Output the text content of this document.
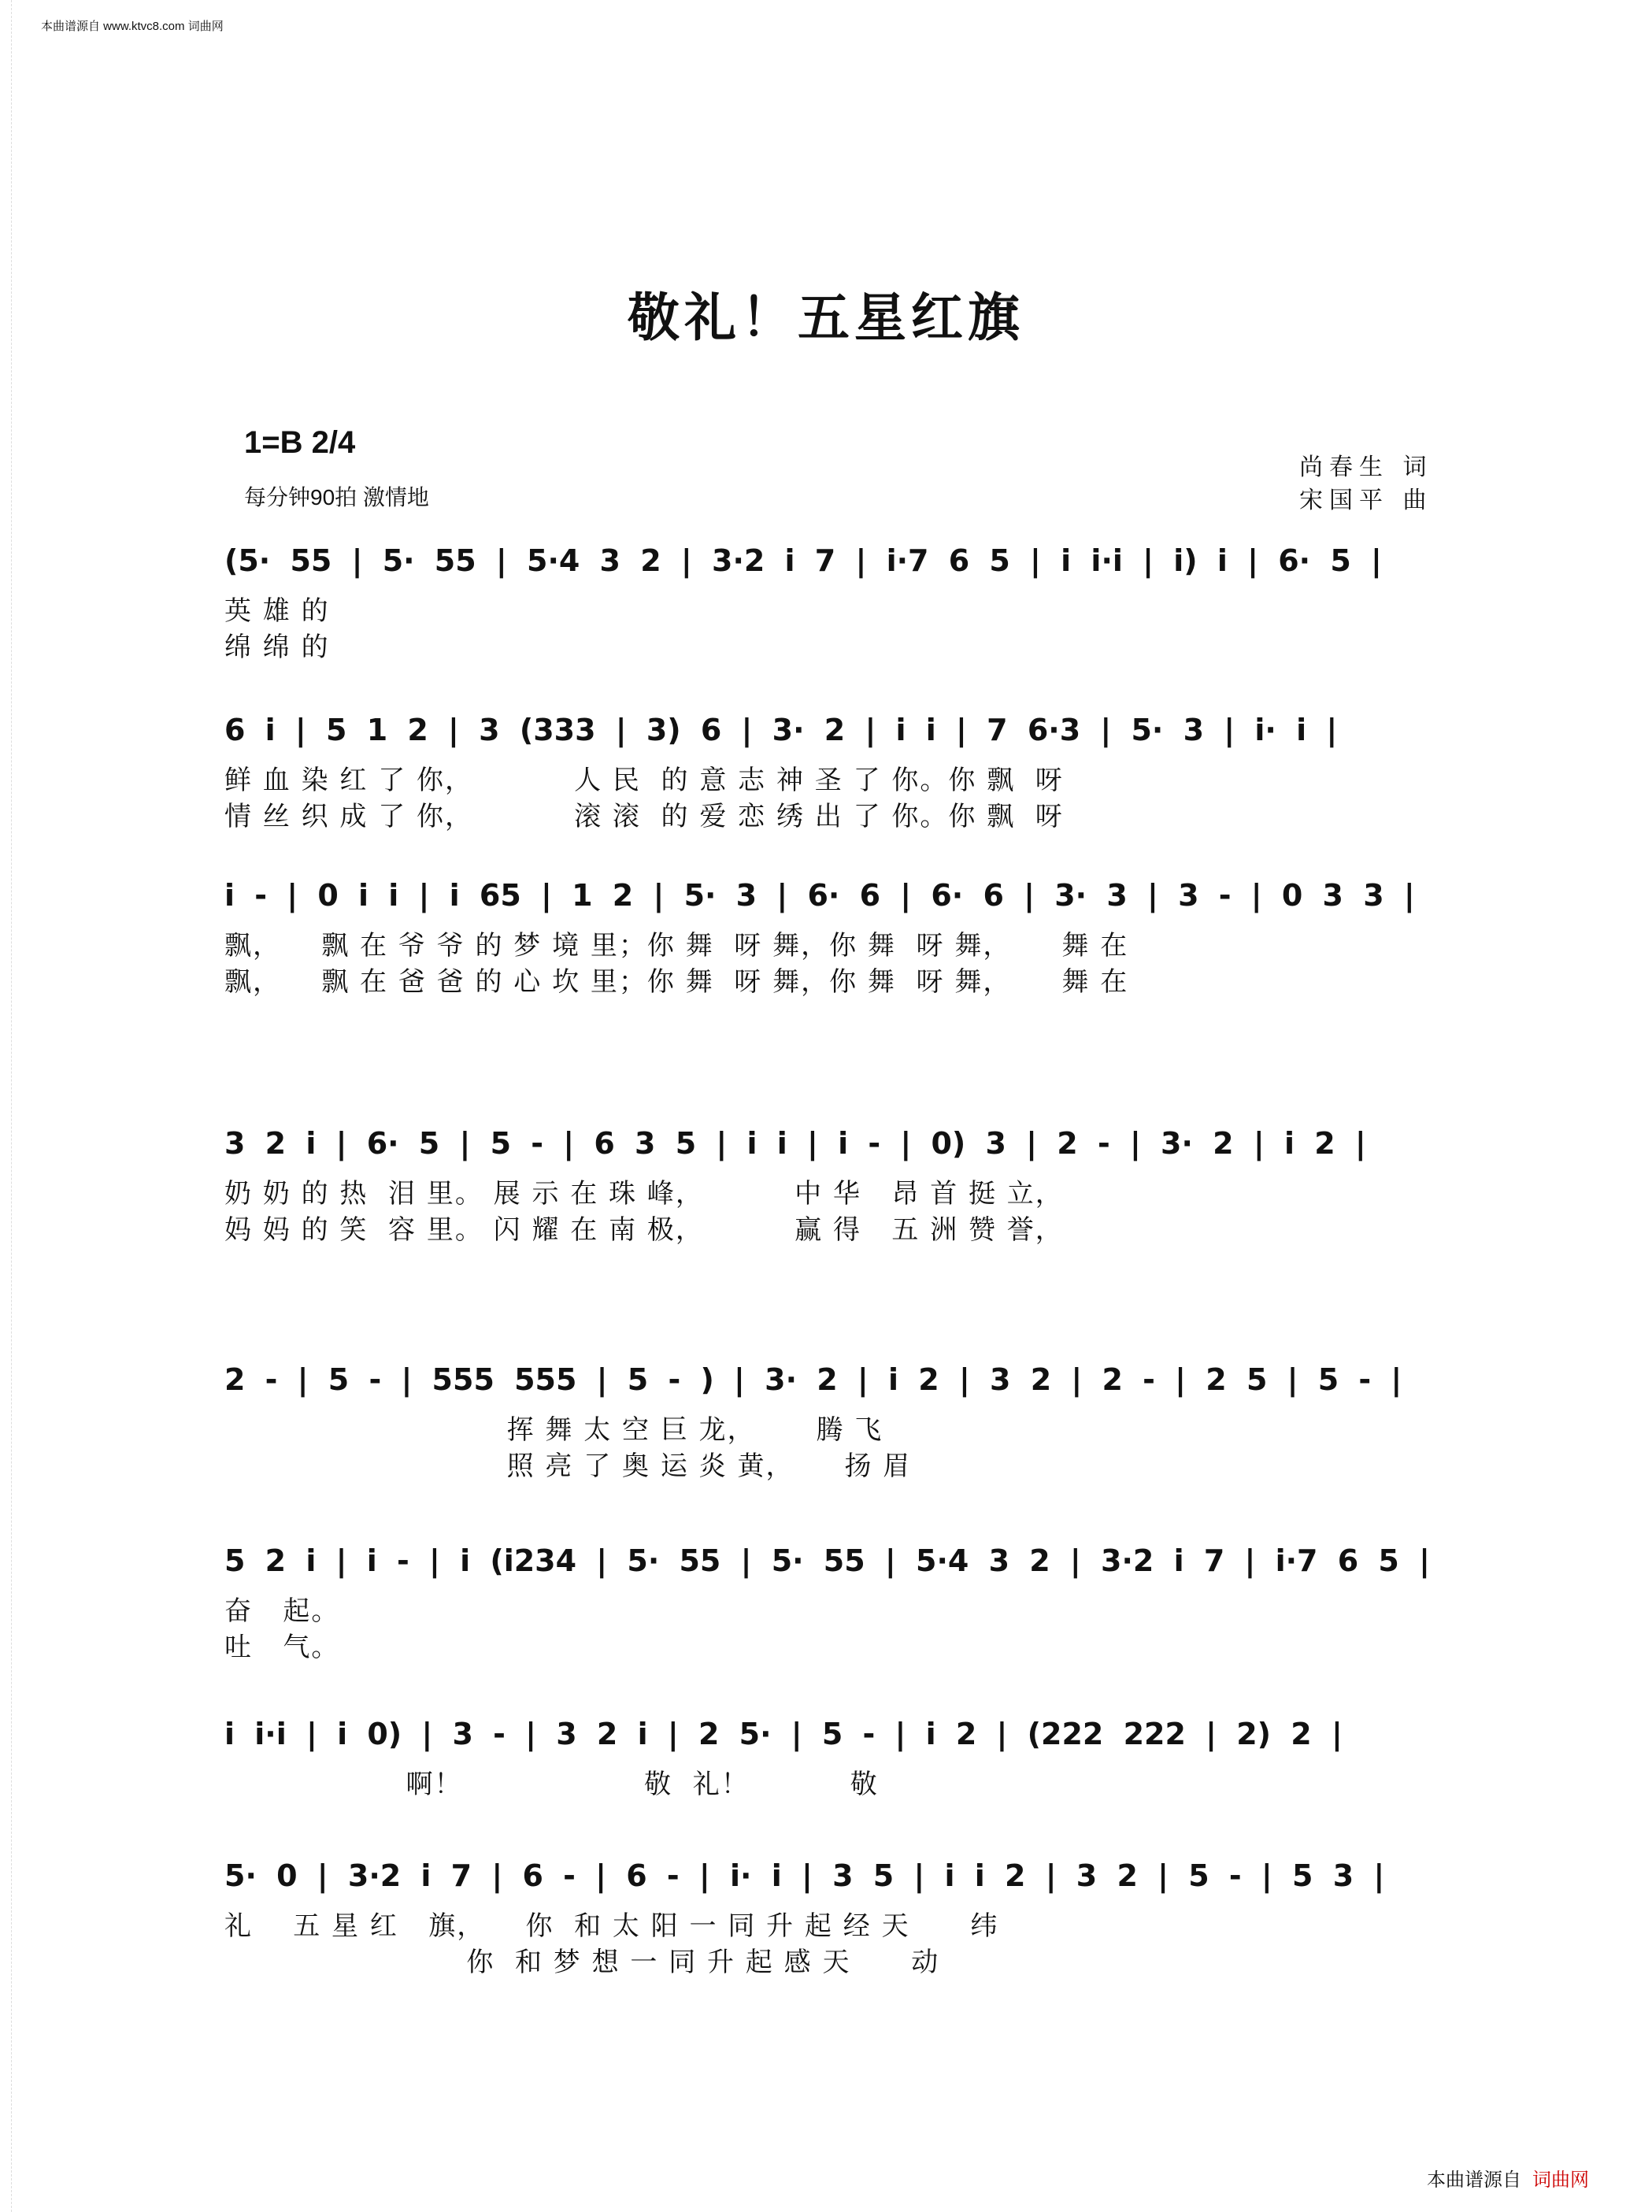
本曲谱源自 www.ktvc8.com 词曲网
敬礼！五星红旗
1=B 2/4
每分钟90拍 激情地
尚春生 词
宋国平 曲
(5· 55 | 5· 55 | 5·4 3 2 | 3·2 i 7 | i·7 6 5 | i i·i | i) i | 6· 5 |
英 雄 的
绵 绵 的
6 i | 5 1 2 | 3 (333 | 3) 6 | 3· 2 | i i | 7 6·3 | 5· 3 | i· i |
鲜 血 染 红 了 你，          人 民  的 意 志 神 圣 了 你。你 飘  呀
情 丝 织 成 了 你，          滚 滚  的 爱 恋 绣 出 了 你。你 飘  呀
i - | 0 i i | i 65 | 1 2 | 5· 3 | 6· 6 | 6· 6 | 3· 3 | 3 - | 0 3 3 |
飘，    飘 在 爷 爷 的 梦 境 里；你 舞  呀 舞，你 舞  呀 舞，     舞 在
飘，    飘 在 爸 爸 的 心 坎 里；你 舞  呀 舞，你 舞  呀 舞，     舞 在
3 2 i | 6· 5 | 5 - | 6 3 5 | i i | i - | 0) 3 | 2 - | 3· 2 | i 2 |
奶 奶 的 热  泪 里。 展 示 在 珠 峰，         中 华   昂 首 挺 立，
妈 妈 的 笑  容 里。 闪 耀 在 南 极，         赢 得   五 洲 赞 誉，
2 - | 5 - | 555 555 | 5 - ) | 3· 2 | i 2 | 3 2 | 2 - | 2 5 | 5 - |
挥 舞 太 空 巨 龙，      腾 飞
照 亮 了 奥 运 炎 黄，     扬 眉
5 2 i | i - | i (i234 | 5· 55 | 5· 55 | 5·4 3 2 | 3·2 i 7 | i·7 6 5 |
奋   起。
吐   气。
i i·i | i 0) | 3 - | 3 2 i | 2 5· | 5 - | i 2 | (222 222 | 2) 2 |
啊！                  敬  礼！          敬
5· 0 | 3·2 i 7 | 6 - | 6 - | i· i | 3 5 | i i 2 | 3 2 | 5 - | 5 3 |
礼    五 星 红   旗，    你  和 太 阳 一 同 升 起 经 天      纬
你  和 梦 想 一 同 升 起 感 天      动
本曲谱源自 词曲网
